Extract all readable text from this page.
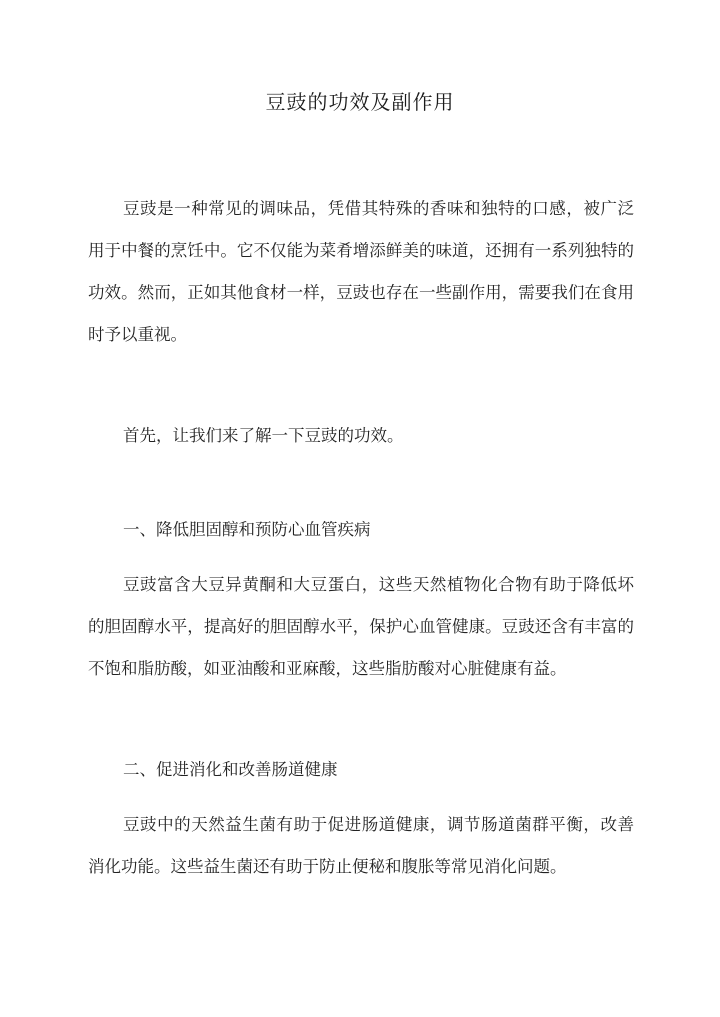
豆豉的功效及副作用

豆豉是一种常见的调味品，凭借其特殊的香味和独特的口感，被广泛用于中餐的烹饪中。它不仅能为菜肴增添鲜美的味道，还拥有一系列独特的功效。然而，正如其他食材一样，豆豉也存在一些副作用，需要我们在食用时予以重视。

首先，让我们来了解一下豆豉的功效。

一、降低胆固醇和预防心血管疾病

豆豉富含大豆异黄酮和大豆蛋白，这些天然植物化合物有助于降低坏的胆固醇水平，提高好的胆固醇水平，保护心血管健康。豆豉还含有丰富的不饱和脂肪酸，如亚油酸和亚麻酸，这些脂肪酸对心脏健康有益。

二、促进消化和改善肠道健康

豆豉中的天然益生菌有助于促进肠道健康，调节肠道菌群平衡，改善消化功能。这些益生菌还有助于防止便秘和腹胀等常见消化问题。
